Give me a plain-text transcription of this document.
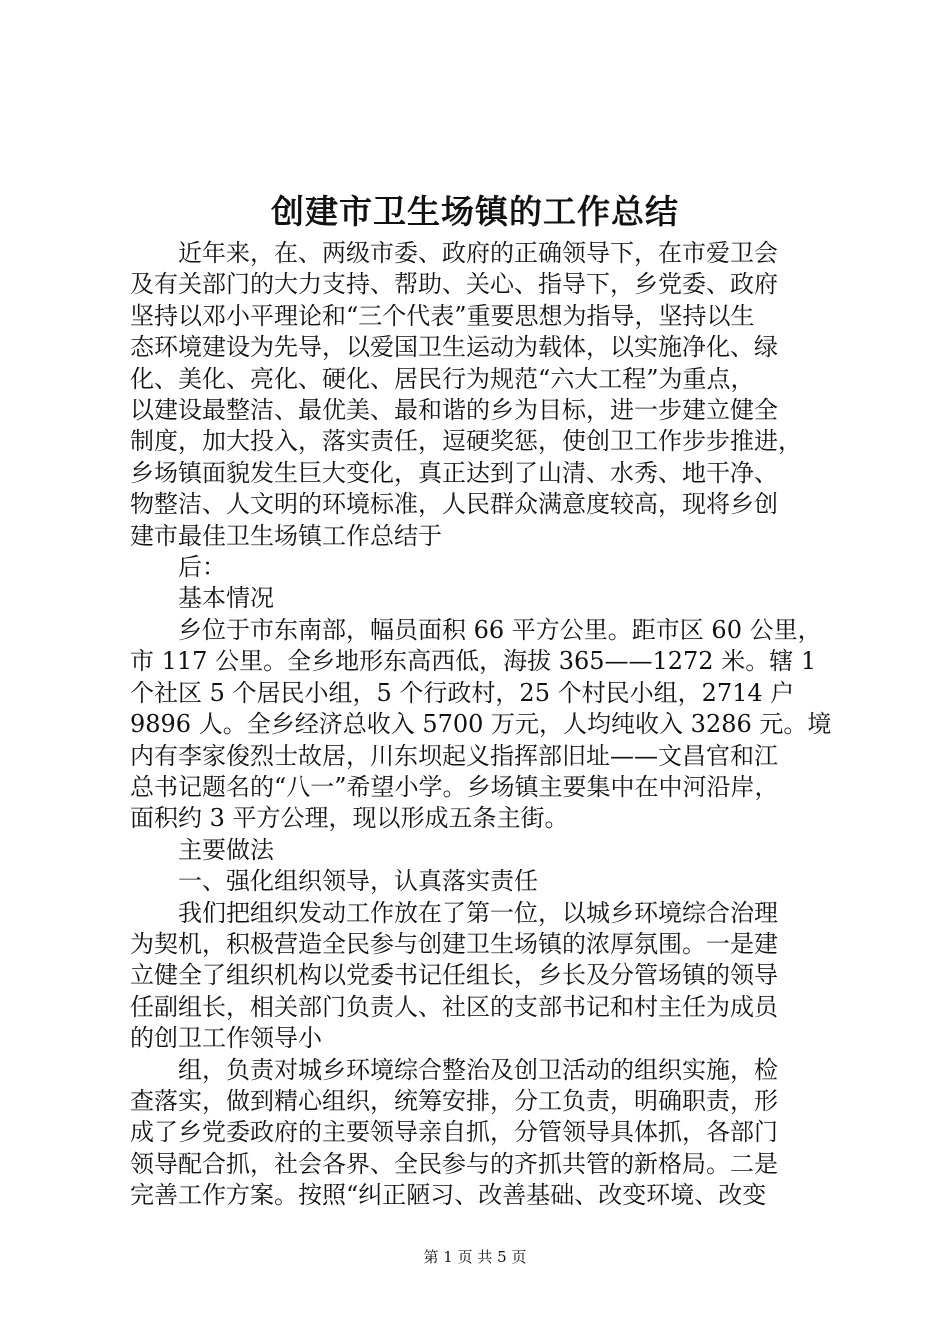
创建市卫生场镇的工作总结

　　近年来，在、两级市委、政府的正确领导下，在市爱卫会

及有关部门的大力支持、帮助、关心、指导下，乡党委、政府

坚持以邓小平理论和“三个代表”重要思想为指导，坚持以生

态环境建设为先导，以爱国卫生运动为载体，以实施净化、绿

化、美化、亮化、硬化、居民行为规范“六大工程”为重点，

以建设最整洁、最优美、最和谐的乡为目标，进一步建立健全

制度，加大投入，落实责任，逗硬奖惩，使创卫工作步步推进，

乡场镇面貌发生巨大变化，真正达到了山清、水秀、地干净、

物整洁、人文明的环境标准，人民群众满意度较高，现将乡创

建市最佳卫生场镇工作总结于

　　后：

　　基本情况

　　乡位于市东南部，幅员面积 66 平方公里。距市区 60 公里，

市 117 公里。全乡地形东高西低，海拔 365——1272 米。辖 1

个社区 5 个居民小组，5 个行政村，25 个村民小组，2714 户

9896 人。全乡经济总收入 5700 万元，人均纯收入 3286 元。境

内有李家俊烈士故居，川东坝起义指挥部旧址——文昌官和江

总书记题名的“八一”希望小学。乡场镇主要集中在中河沿岸，

面积约 3 平方公理，现以形成五条主街。

　　主要做法

　　一、强化组织领导，认真落实责任

　　我们把组织发动工作放在了第一位，以城乡环境综合治理

为契机，积极营造全民参与创建卫生场镇的浓厚氛围。一是建

立健全了组织机构以党委书记任组长，乡长及分管场镇的领导

任副组长，相关部门负责人、社区的支部书记和村主任为成员

的创卫工作领导小

　　组，负责对城乡环境综合整治及创卫活动的组织实施，检

查落实，做到精心组织，统筹安排，分工负责，明确职责，形

成了乡党委政府的主要领导亲自抓，分管领导具体抓，各部门

领导配合抓，社会各界、全民参与的齐抓共管的新格局。二是

完善工作方案。按照“纠正陋习、改善基础、改变环境、改变

第 1 页 共 5 页
